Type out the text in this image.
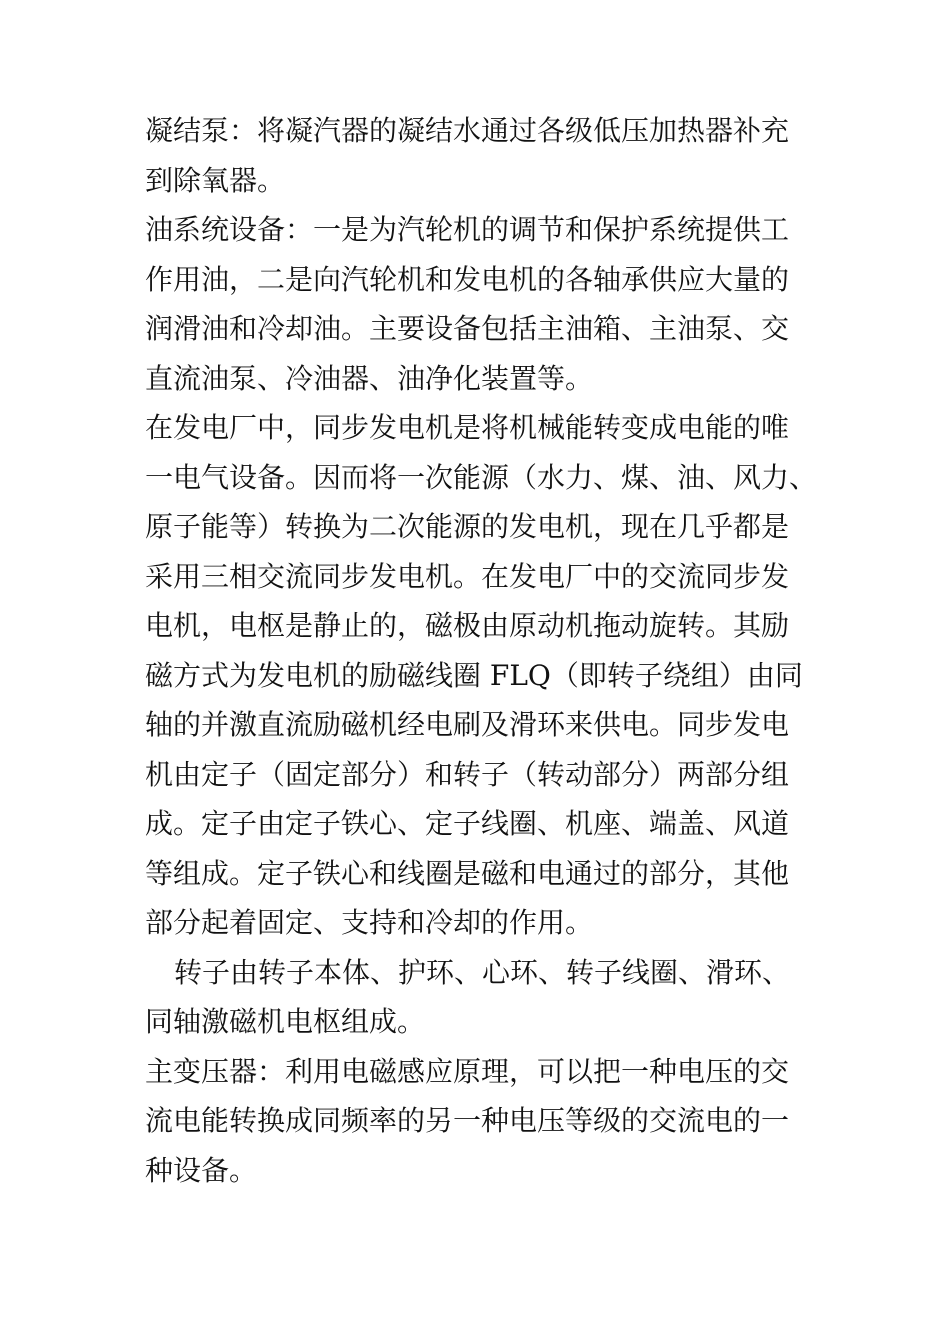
凝结泵：将凝汽器的凝结水通过各级低压加热器补充

到除氧器。

油系统设备：一是为汽轮机的调节和保护系统提供工

作用油，二是向汽轮机和发电机的各轴承供应大量的

润滑油和冷却油。主要设备包括主油箱、主油泵、交

直流油泵、冷油器、油净化装置等。

在发电厂中，同步发电机是将机械能转变成电能的唯

一电气设备。因而将一次能源（水力、煤、油、风力、

原子能等）转换为二次能源的发电机，现在几乎都是

采用三相交流同步发电机。在发电厂中的交流同步发

电机，电枢是静止的，磁极由原动机拖动旋转。其励

磁方式为发电机的励磁线圈 FLQ（即转子绕组）由同

轴的并激直流励磁机经电刷及滑环来供电。同步发电

机由定子（固定部分）和转子（转动部分）两部分组

成。定子由定子铁心、定子线圈、机座、端盖、风道

等组成。定子铁心和线圈是磁和电通过的部分，其他

部分起着固定、支持和冷却的作用。

转子由转子本体、护环、心环、转子线圈、滑环、

同轴激磁机电枢组成。

主变压器：利用电磁感应原理，可以把一种电压的交

流电能转换成同频率的另一种电压等级的交流电的一

种设备。
